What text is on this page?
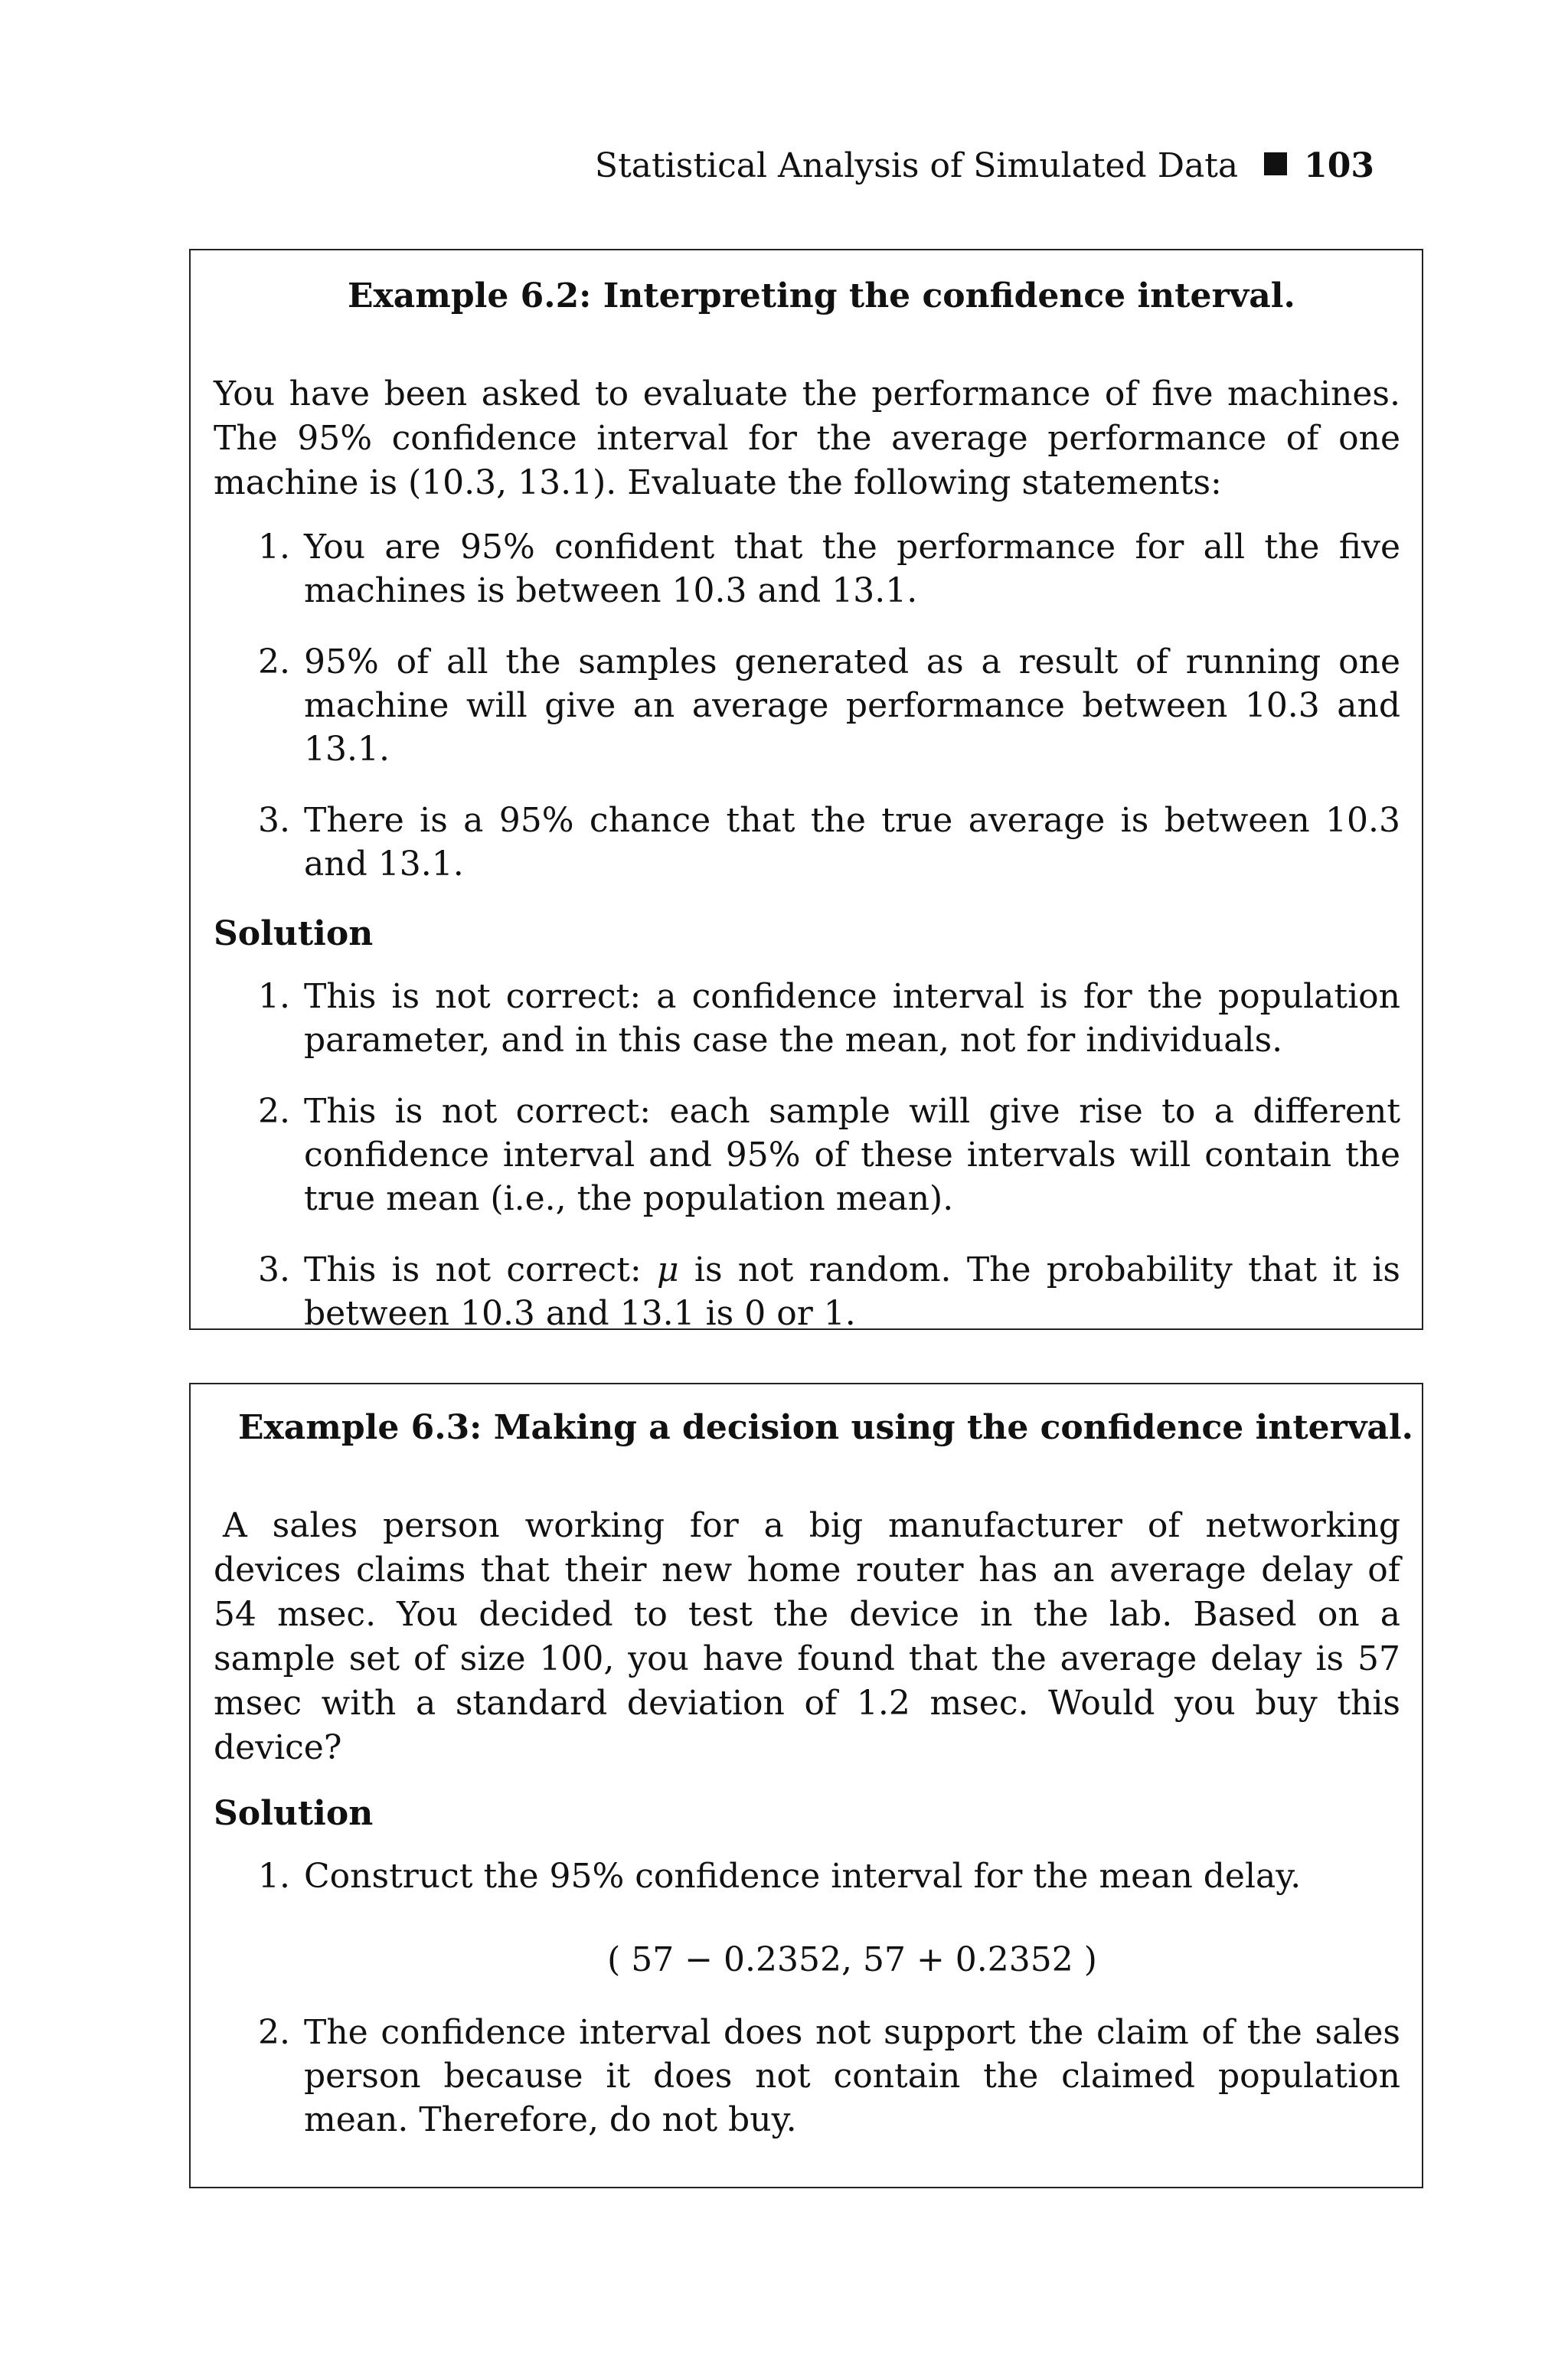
Statistical Analysis of Simulated Data 103
Example 6.2: Interpreting the confidence interval.
You have been asked to evaluate the performance of five machines. The 95% confidence interval for the average performance of one machine is (10.3, 13.1). Evaluate the following statements:
1. You are 95% confident that the performance for all the five machines is between 10.3 and 13.1.
2. 95% of all the samples generated as a result of running one machine will give an average performance between 10.3 and 13.1.
3. There is a 95% chance that the true average is between 10.3 and 13.1.
Solution
1. This is not correct: a confidence interval is for the population parameter, and in this case the mean, not for individuals.
2. This is not correct: each sample will give rise to a different confidence interval and 95% of these intervals will contain the true mean (i.e., the population mean).
3. This is not correct: μ is not random. The probability that it is between 10.3 and 13.1 is 0 or 1.
Example 6.3: Making a decision using the confidence interval.
A sales person working for a big manufacturer of networking devices claims that their new home router has an average delay of 54 msec. You decided to test the device in the lab. Based on a sample set of size 100, you have found that the average delay is 57 msec with a standard deviation of 1.2 msec. Would you buy this device?
Solution
1. Construct the 95% confidence interval for the mean delay.
( 57 − 0.2352, 57 + 0.2352 )
2. The confidence interval does not support the claim of the sales person because it does not contain the claimed population mean. Therefore, do not buy.
